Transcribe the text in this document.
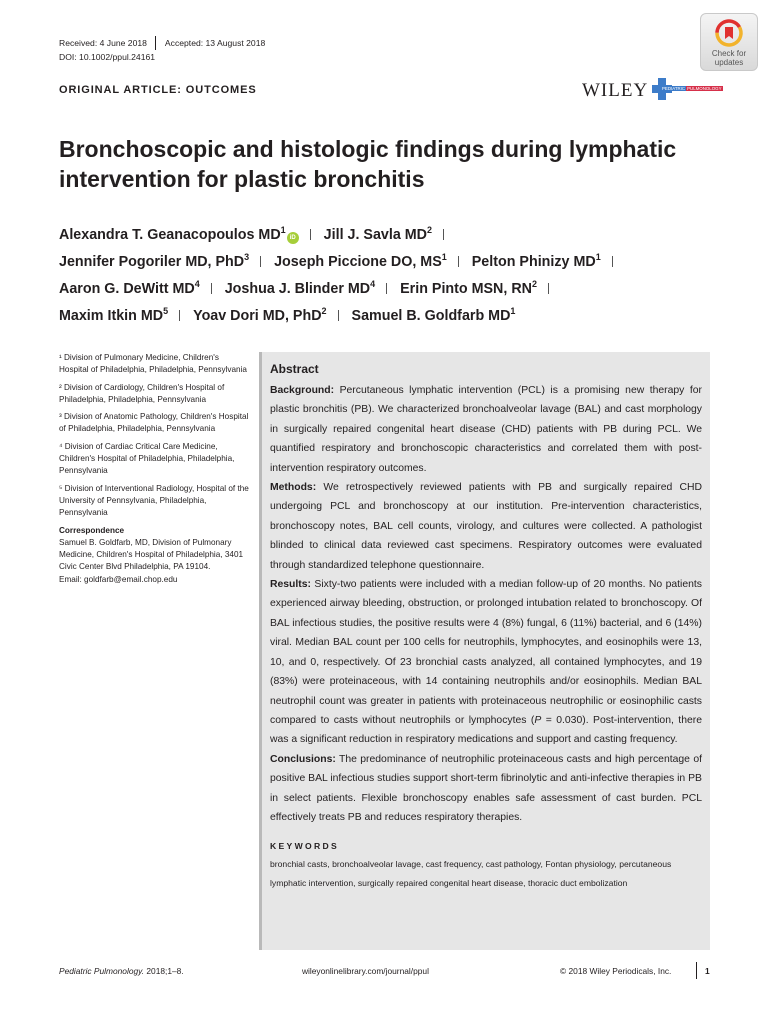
Received: 4 June 2018 Accepted: 13 August 2018
DOI: 10.1002/ppul.24161	Check for
updates
ORIGINAL ARTICLE: OUTCOMES	WILEY	PEDIATRIC PULMONOLOGY
Bronchoscopic and histologic findings during lymphatic
intervention for plastic bronchitis
Alexandra T. Geanacopoulos $MD^1iD$ Jill J. Savla $MD^2$
Jennifer Pogoriler MD, PhD$^3$ Joseph Piccione DO, $MS^1$ Pelton Phinizy $MD^1$
Aaron G. DeWitt $MD^4$ Joshua J. Blinder $MD^4$ Erin Pinto MSN, $RN^2$
Maxim Itkin $MD^5$ Yoav Dori MD, PhD$^2$ Samuel B. Goldfarb $MD^1$
¹ Division of Pulmonary Medicine, Children's Hospital of Philadelphia, Philadelphia, Pennsylvania
² Division of Cardiology, Children's Hospital of Philadelphia, Philadelphia, Pennsylvania
³ Division of Anatomic Pathology, Children's Hospital of Philadelphia, Philadelphia, Pennsylvania
⁴ Division of Cardiac Critical Care Medicine, Children's Hospital of Philadelphia, Philadelphia, Pennsylvania
⁵ Division of Interventional Radiology, Hospital of the University of Pennsylvania, Philadelphia, Pennsylvania
Correspondence
Samuel B. Goldfarb, MD, Division of Pulmonary Medicine, Children's Hospital of Philadelphia, 3401 Civic Center Blvd Philadelphia, PA 19104.
Email: goldfarb@email.chop.edu
Abstract
Background: Percutaneous lymphatic intervention (PCL) is a promising new therapy for plastic bronchitis (PB). We characterized bronchoalveolar lavage (BAL) and cast morphology in surgically repaired congenital heart disease (CHD) patients with PB during PCL. We quantified respiratory and bronchoscopic characteristics and correlated them with post-intervention respiratory outcomes.
Methods: We retrospectively reviewed patients with PB and surgically repaired CHD undergoing PCL and bronchoscopy at our institution. Pre-intervention characteristics, bronchoscopy notes, BAL cell counts, virology, and cultures were collected. A pathologist blinded to clinical data reviewed cast specimens. Respiratory outcomes were evaluated through standardized telephone questionnaire.
Results: Sixty-two patients were included with a median follow-up of 20 months. No patients experienced airway bleeding, obstruction, or prolonged intubation related to bronchoscopy. Of BAL infectious studies, the positive results were 4 (8%) fungal, 6 (11%) bacterial, and 6 (14%) viral. Median BAL count per 100 cells for neutrophils, lymphocytes, and eosinophils were 13, 10, and 0, respectively. Of 23 bronchial casts analyzed, all contained lymphocytes, and 19 (83%) were proteinaceous, with 14 containing neutrophils and/or eosinophils. Median BAL neutrophil count was greater in patients with proteinaceous neutrophilic or eosinophilic casts compared to casts without neutrophils or lymphocytes (P = 0.030). Post-intervention, there was a significant reduction in respiratory medications and support and casting frequency.
Conclusions: The predominance of neutrophilic proteinaceous casts and high percentage of positive BAL infectious studies support short-term fibrinolytic and anti-infective therapies in PB in select patients. Flexible bronchoscopy enables safe assessment of cast burden. PCL effectively treats PB and reduces respiratory therapies.
KEYWORDS
bronchial casts, bronchoalveolar lavage, cast frequency, cast pathology, Fontan physiology, percutaneous lymphatic intervention, surgically repaired congenital heart disease, thoracic duct embolization
Pediatric Pulmonology. 2018;1–8.	wileyonlinelibrary.com/journal/ppul	© 2018 Wiley Periodicals, Inc.	1
